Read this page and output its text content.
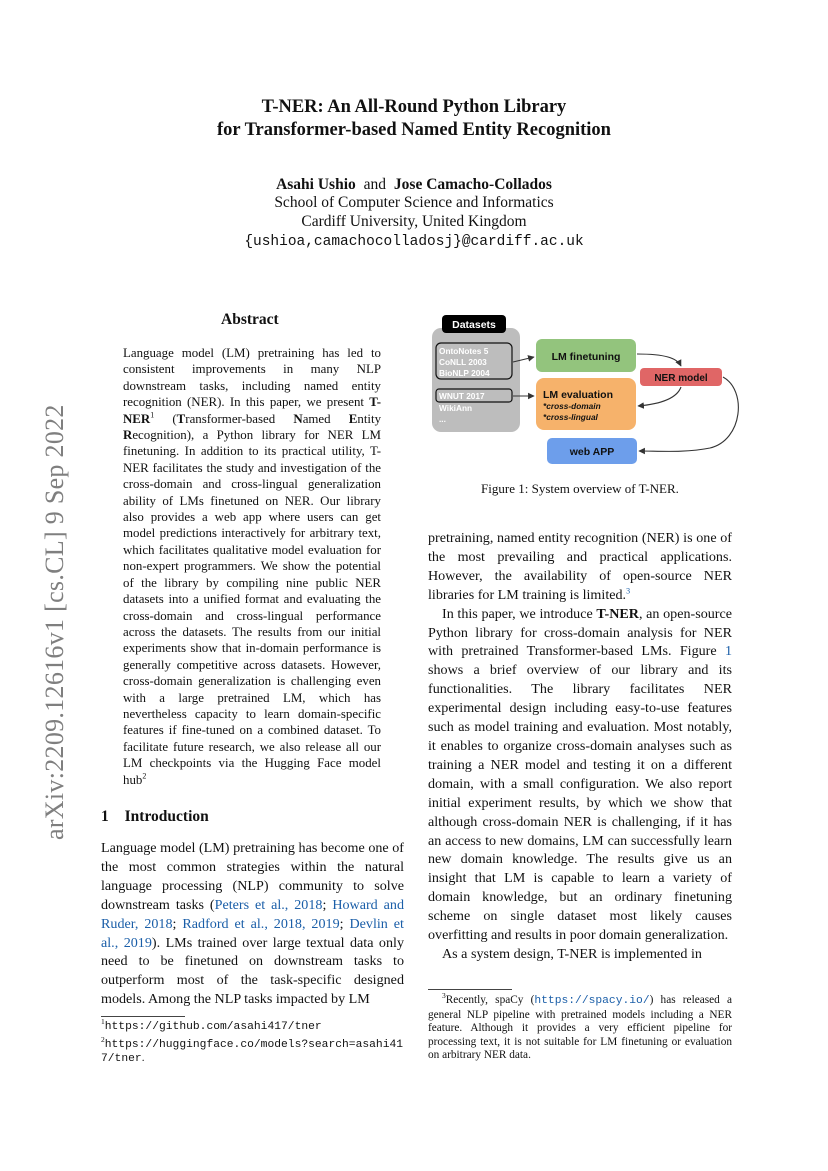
arXiv:2209.12616v1 [cs.CL] 9 Sep 2022
T-NER: An All-Round Python Library
for Transformer-based Named Entity Recognition
Asahi Ushio and Jose Camacho-Collados
School of Computer Science and Informatics
Cardiff University, United Kingdom
{ushioa,camachocolladosj}@cardiff.ac.uk
Abstract

Language model (LM) pretraining has led to consistent improvements in many NLP downstream tasks, including named entity recognition (NER). In this paper, we present T-NER$^1$ (Transformer-based Named Entity Recognition), a Python library for NER LM finetuning. In addition to its practical utility, T-NER facilitates the study and investigation of the cross-domain and cross-lingual generalization ability of LMs finetuned on NER. Our library also provides a web app where users can get model predictions interactively for arbitrary text, which facilitates qualitative model evaluation for non-expert programmers. We show the potential of the library by compiling nine public NER datasets into a unified format and evaluating the cross-domain and cross-lingual performance across the datasets. The results from our initial experiments show that in-domain performance is generally competitive across datasets. However, cross-domain generalization is challenging even with a large pretrained LM, which has nevertheless capacity to learn domain-specific features if fine-tuned on a combined dataset. To facilitate future research, we also release all our LM checkpoints via the Hugging Face model hub$^2$

1 Introduction

Language model (LM) pretraining has become one of the most common strategies within the natural language processing (NLP) community to solve downstream tasks (Peters et al., 2018; Howard and Ruder, 2018; Radford et al., 2018, 2019; Devlin et al., 2019). LMs trained over large textual data only need to be finetuned on downstream tasks to outperform most of the task-specific designed models. Among the NLP tasks impacted by LM

$^1$https://github.com/asahi417/tner
$^2$https://huggingface.co/models?search=asahi417/tner.
Datasets
OntoNotes 5
CoNLL 2003
BioNLP 2004
WNUT 2017
WikiAnn
...
LM finetuning
NER model
LM evaluation
*cross-domain
*cross-lingual
web APP
Figure 1: System overview of T-NER.

pretraining, named entity recognition (NER) is one of the most prevailing and practical applications. However, the availability of open-source NER libraries for LM training is limited.$^3$

In this paper, we introduce T-NER, an open-source Python library for cross-domain analysis for NER with pretrained Transformer-based LMs. Figure 1 shows a brief overview of our library and its functionalities. The library facilitates NER experimental design including easy-to-use features such as model training and evaluation. Most notably, it enables to organize cross-domain analyses such as training a NER model and testing it on a different domain, with a small configuration. We also report initial experiment results, by which we show that although cross-domain NER is challenging, if it has an access to new domains, LM can successfully learn new domain knowledge. The results give us an insight that LM is capable to learn a variety of domain knowledge, but an ordinary finetuning scheme on single dataset most likely causes overfitting and results in poor domain generalization.

As a system design, T-NER is implemented in

$^3$Recently, spaCy (https://spacy.io/) has released a general NLP pipeline with pretrained models including a NER feature. Although it provides a very efficient pipeline for processing text, it is not suitable for LM finetuning or evaluation on arbitrary NER data.
